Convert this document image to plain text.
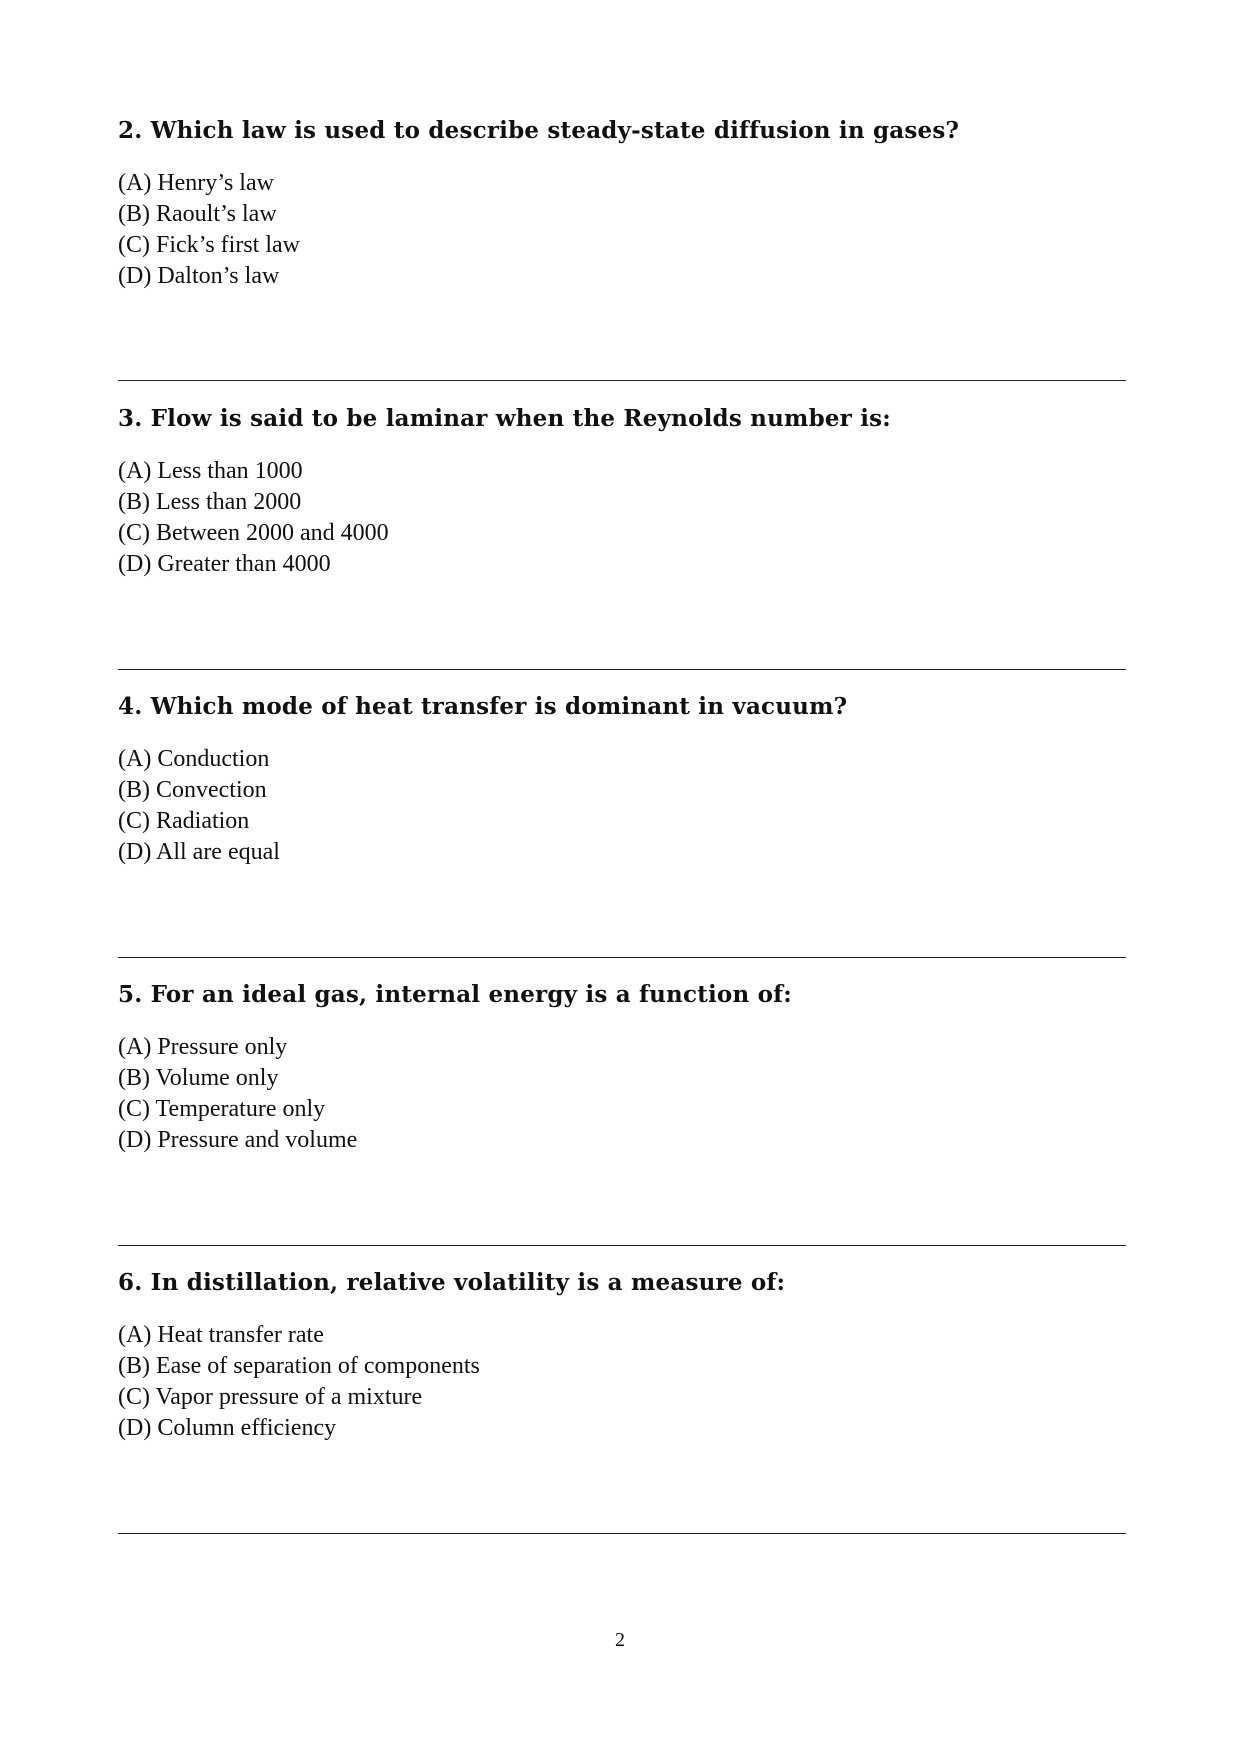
2. Which law is used to describe steady-state diffusion in gases?

(A) Henry’s law
(B) Raoult’s law
(C) Fick’s first law
(D) Dalton’s law

3. Flow is said to be laminar when the Reynolds number is:

(A) Less than 1000
(B) Less than 2000
(C) Between 2000 and 4000
(D) Greater than 4000

4. Which mode of heat transfer is dominant in vacuum?

(A) Conduction
(B) Convection
(C) Radiation
(D) All are equal

5. For an ideal gas, internal energy is a function of:

(A) Pressure only
(B) Volume only
(C) Temperature only
(D) Pressure and volume

6. In distillation, relative volatility is a measure of:

(A) Heat transfer rate
(B) Ease of separation of components
(C) Vapor pressure of a mixture
(D) Column efficiency
2
